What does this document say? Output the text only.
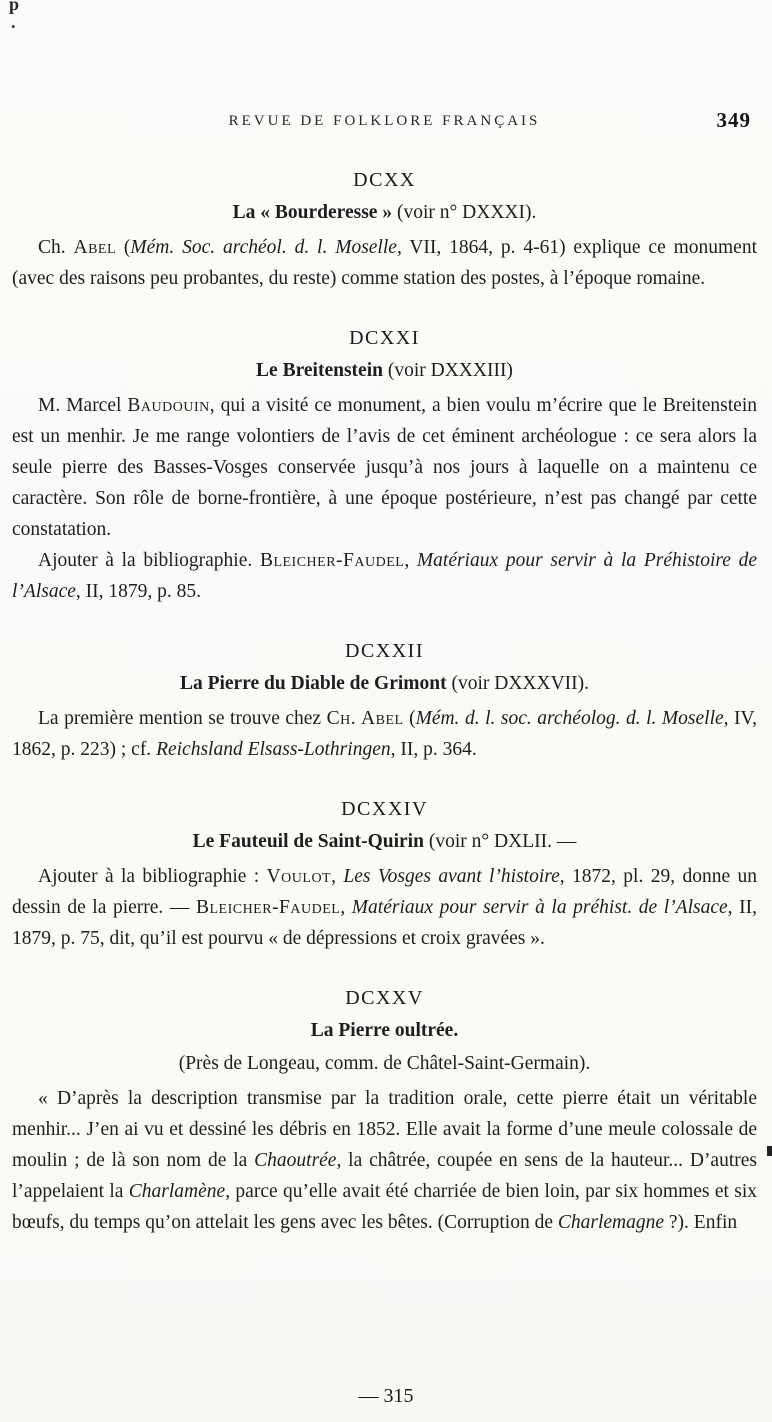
p
.
REVUE DE FOLKLORE FRANÇAIS	349
DCXX
La « Bourderesse » (voir n° DXXXI).

Ch. Abel (Mém. Soc. archéol. d. l. Moselle, VII, 1864, p. 4-61) explique ce monument (avec des raisons peu probantes, du reste) comme station des postes, à l’époque romaine.

DCXXI
Le Breitenstein (voir DXXXIII)

M. Marcel Baudouin, qui a visité ce monument, a bien voulu m’écrire que le Breitenstein est un menhir. Je me range volontiers de l’avis de cet éminent archéologue : ce sera alors la seule pierre des Basses-Vosges conservée jusqu’à nos jours à laquelle on a maintenu ce caractère. Son rôle de borne-frontière, à une époque postérieure, n’est pas changé par cette constatation.

Ajouter à la bibliographie. Bleicher-Faudel, Matériaux pour servir à la Préhistoire de l’Alsace, II, 1879, p. 85.

DCXXII
La Pierre du Diable de Grimont (voir DXXXVII).

La première mention se trouve chez Ch. Abel (Mém. d. l. soc. archéolog. d. l. Moselle, IV, 1862, p. 223) ; cf. Reichsland Elsass-Lothringen, II, p. 364.

DCXXIV
Le Fauteuil de Saint-Quirin (voir n° DXLII. —

Ajouter à la bibliographie : Voulot, Les Vosges avant l’histoire, 1872, pl. 29, donne un dessin de la pierre. — Bleicher-Faudel, Matériaux pour servir à la préhist. de l’Alsace, II, 1879, p. 75, dit, qu’il est pourvu « de dépressions et croix gravées ».

DCXXV
La Pierre oultrée.
(Près de Longeau, comm. de Châtel-Saint-Germain).

« D’après la description transmise par la tradition orale, cette pierre était un véritable menhir... J’en ai vu et dessiné les débris en 1852. Elle avait la forme d’une meule colossale de moulin ; de là son nom de la Chaoutrée, la châtrée, coupée en sens de la hauteur... D’autres l’appelaient la Charlamène, parce qu’elle avait été charriée de bien loin, par six hommes et six bœufs, du temps qu’on attelait les gens avec les bêtes. (Corruption de Charlemagne ?). Enfin

— 315
